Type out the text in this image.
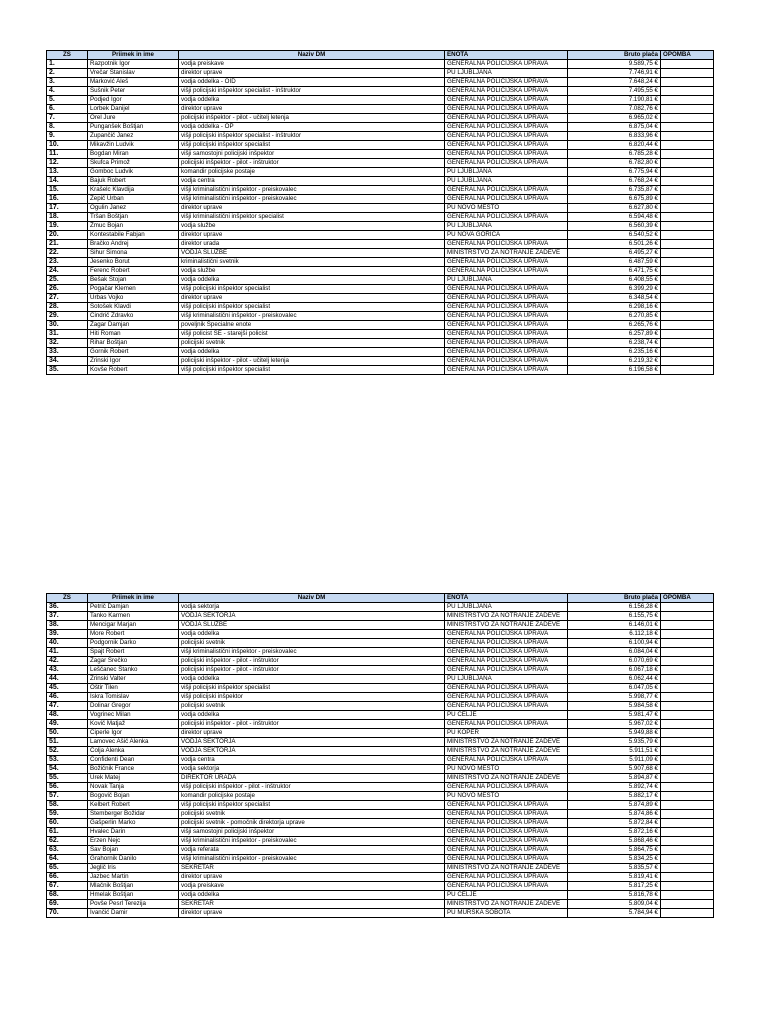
ZŠ	Priimek in ime	Naziv DM	ENOTA	Bruto plača	OPOMBA
1.	Razpotnik Igor	vodja preiskave	GENERALNA POLICIJSKA UPRAVA	9.589,75 €	
2.	Vrečar Stanislav	direktor uprave	PU LJUBLJANA	7.746,91 €	
3.	Marković Aleš	vodja oddelka - OID	GENERALNA POLICIJSKA UPRAVA	7.648,24 €	
4.	Sušnik Peter	višji policijski inšpektor specialist - inštruktor	GENERALNA POLICIJSKA UPRAVA	7.495,55 €	
5.	Podjed Igor	vodja oddelka	GENERALNA POLICIJSKA UPRAVA	7.190,81 €	
6.	Lorbek Danijel	direktor uprave	GENERALNA POLICIJSKA UPRAVA	7.082,76 €	
7.	Orel Jure	policijski inšpektor - pilot - učitelj letenja	GENERALNA POLICIJSKA UPRAVA	6.965,02 €	
8.	Punganšek Boštjan	vodja oddelka - OP	GENERALNA POLICIJSKA UPRAVA	6.875,04 €	
9.	Zupančič Janez	višji policijski inšpektor specialist - inštruktor	GENERALNA POLICIJSKA UPRAVA	6.833,96 €	
10.	Mikavžin Ludvik	višji policijski inšpektor specialist	GENERALNA POLICIJSKA UPRAVA	6.820,44 €	
11.	Bogdan Miran	višji samostojni policijski inšpektor	GENERALNA POLICIJSKA UPRAVA	6.785,28 €	
12.	Škufca Primož	policijski inšpektor - pilot - inštruktor	GENERALNA POLICIJSKA UPRAVA	6.782,80 €	
13.	Gomboc Ludvik	komandir policijske postaje	PU LJUBLJANA	6.775,94 €	
14.	Bajuk Robert	vodja centra	PU LJUBLJANA	6.768,24 €	
15.	Krašelc Klavdija	višji kriminalistični inšpektor - preiskovalec	GENERALNA POLICIJSKA UPRAVA	6.735,87 €	
16.	Zepič Urban	višji kriminalistični inšpektor - preiskovalec	GENERALNA POLICIJSKA UPRAVA	6.675,89 €	
17.	Ogulin Janez	direktor uprave	PU NOVO MESTO	6.627,80 €	
18.	Tršan Boštjan	višji kriminalistični inšpektor specialist	GENERALNA POLICIJSKA UPRAVA	6.594,48 €	
19.	Žmuc Bojan	vodja službe	PU LJUBLJANA	6.560,39 €	
20.	Kontestabile Fabjan	direktor uprave	PU NOVA GORICA	6.540,52 €	
21.	Bračko Andrej	direktor urada	GENERALNA POLICIJSKA UPRAVA	6.501,26 €	
22.	Sihur Simona	VODJA SLUŽBE	MINISTRSTVO ZA NOTRANJE ZADEVE	6.495,27 €	
23.	Jesenko Borut	kriminalistični svetnik	GENERALNA POLICIJSKA UPRAVA	6.487,59 €	
24.	Ferenc Robert	vodja službe	GENERALNA POLICIJSKA UPRAVA	6.471,75 €	
25.	Bešak Stojan	vodja oddelka	PU LJUBLJANA	6.408,55 €	
26.	Pogačar Klemen	višji policijski inšpektor specialist	GENERALNA POLICIJSKA UPRAVA	6.399,29 €	
27.	Urbas Vojko	direktor uprave	GENERALNA POLICIJSKA UPRAVA	6.348,54 €	
28.	Sotošek Klavdi	višji policijski inšpektor specialist	GENERALNA POLICIJSKA UPRAVA	6.298,16 €	
29.	Cindrič Zdravko	višji kriminalistični inšpektor - preiskovalec	GENERALNA POLICIJSKA UPRAVA	6.270,85 €	
30.	Žagar Damjan	poveljnik Specialne enote	GENERALNA POLICIJSKA UPRAVA	6.265,76 €	
31.	Hiti Roman	višji policist SE - starejši policist	GENERALNA POLICIJSKA UPRAVA	6.257,89 €	
32.	Rihar Boštjan	policijski svetnik	GENERALNA POLICIJSKA UPRAVA	6.238,74 €	
33.	Gornik Robert	vodja oddelka	GENERALNA POLICIJSKA UPRAVA	6.235,16 €	
34.	Zrinski Igor	policijski inšpektor - pilot - učitelj letenja	GENERALNA POLICIJSKA UPRAVA	6.219,32 €	
35.	Kovše Robert	višji policijski inšpektor specialist	GENERALNA POLICIJSKA UPRAVA	6.196,58 €	
ZŠ	Priimek in ime	Naziv DM	ENOTA	Bruto plača	OPOMBA
36.	Petrič Damjan	vodja sektorja	PU LJUBLJANA	6.156,28 €	
37.	Tanko Karmen	VODJA SEKTORJA	MINISTRSTVO ZA NOTRANJE ZADEVE	6.155,75 €	
38.	Mencigar Marjan	VODJA SLUŽBE	MINISTRSTVO ZA NOTRANJE ZADEVE	6.146,01 €	
39.	More Robert	vodja oddelka	GENERALNA POLICIJSKA UPRAVA	6.112,18 €	
40.	Podgornik Darko	policijski svetnik	GENERALNA POLICIJSKA UPRAVA	6.100,94 €	
41.	Špajt Robert	višji kriminalistični inšpektor - preiskovalec	GENERALNA POLICIJSKA UPRAVA	6.084,04 €	
42.	Žagar Srečko	policijski inšpektor - pilot - inštruktor	GENERALNA POLICIJSKA UPRAVA	6.070,69 €	
43.	Leščanec Stanko	policijski inšpektor - pilot - inštruktor	GENERALNA POLICIJSKA UPRAVA	6.067,18 €	
44.	Zrinski Valter	vodja oddelka	PU LJUBLJANA	6.062,44 €	
45.	Oštir Tilen	višji policijski inšpektor specialist	GENERALNA POLICIJSKA UPRAVA	6.047,05 €	
46.	Iskra Tomislav	višji policijski inšpektor	GENERALNA POLICIJSKA UPRAVA	5.998,77 €	
47.	Dolinar Gregor	policijski svetnik	GENERALNA POLICIJSKA UPRAVA	5.984,58 €	
48.	Vogrinec Milan	vodja oddelka	PU CELJE	5.981,47 €	
49.	Kovič Matjaž	policijski inšpektor - pilot - inštruktor	GENERALNA POLICIJSKA UPRAVA	5.967,02 €	
50.	Ciperle Igor	direktor uprave	PU KOPER	5.949,88 €	
51.	Lamovec Ašič Alenka	VODJA SEKTORJA	MINISTRSTVO ZA NOTRANJE ZADEVE	5.935,79 €	
52.	Colja Alenka	VODJA SEKTORJA	MINISTRSTVO ZA NOTRANJE ZADEVE	5.911,51 €	
53.	Confidenti Dean	vodja centra	GENERALNA POLICIJSKA UPRAVA	5.911,09 €	
54.	Božičnik France	vodja sektorja	PU NOVO MESTO	5.907,68 €	
55.	Urek Matej	DIREKTOR URADA	MINISTRSTVO ZA NOTRANJE ZADEVE	5.894,87 €	
56.	Novak Tanja	višji policijski inšpektor - pilot - inštruktor	GENERALNA POLICIJSKA UPRAVA	5.892,74 €	
57.	Bogovič Bojan	komandir policijske postaje	PU NOVO MESTO	5.882,17 €	
58.	Kelbert Robert	višji policijski inšpektor specialist	GENERALNA POLICIJSKA UPRAVA	5.874,89 €	
59.	Štemberger Božidar	policijski svetnik	GENERALNA POLICIJSKA UPRAVA	5.874,86 €	
60.	Gašperlin Marko	policijski svetnik - pomočnik direktorja uprave	GENERALNA POLICIJSKA UPRAVA	5.872,84 €	
61.	Hvalec Darin	višji samostojni policijski inšpektor	GENERALNA POLICIJSKA UPRAVA	5.872,16 €	
62.	Erzen Nejc	višji kriminalistični inšpektor - preiskovalec	GENERALNA POLICIJSKA UPRAVA	5.868,46 €	
63.	Šav Bojan	vodja referata	GENERALNA POLICIJSKA UPRAVA	5.864,75 €	
64.	Grahornik Danilo	višji kriminalistični inšpektor - preiskovalec	GENERALNA POLICIJSKA UPRAVA	5.834,25 €	
65.	Jeglič Iris	SEKRETAR	MINISTRSTVO ZA NOTRANJE ZADEVE	5.835,57 €	
66.	Jazbec Martin	direktor uprave	GENERALNA POLICIJSKA UPRAVA	5.819,41 €	
67.	Mlačnik Boštjan	vodja preiskave	GENERALNA POLICIJSKA UPRAVA	5.817,25 €	
68.	Hmelak Boštjan	vodja oddelka	PU CELJE	5.816,78 €	
69.	Povše Pesrl Terezija	SEKRETAR	MINISTRSTVO ZA NOTRANJE ZADEVE	5.809,04 €	
70.	Ivančić Damir	direktor uprave	PU MURSKA SOBOTA	5.784,94 €	
